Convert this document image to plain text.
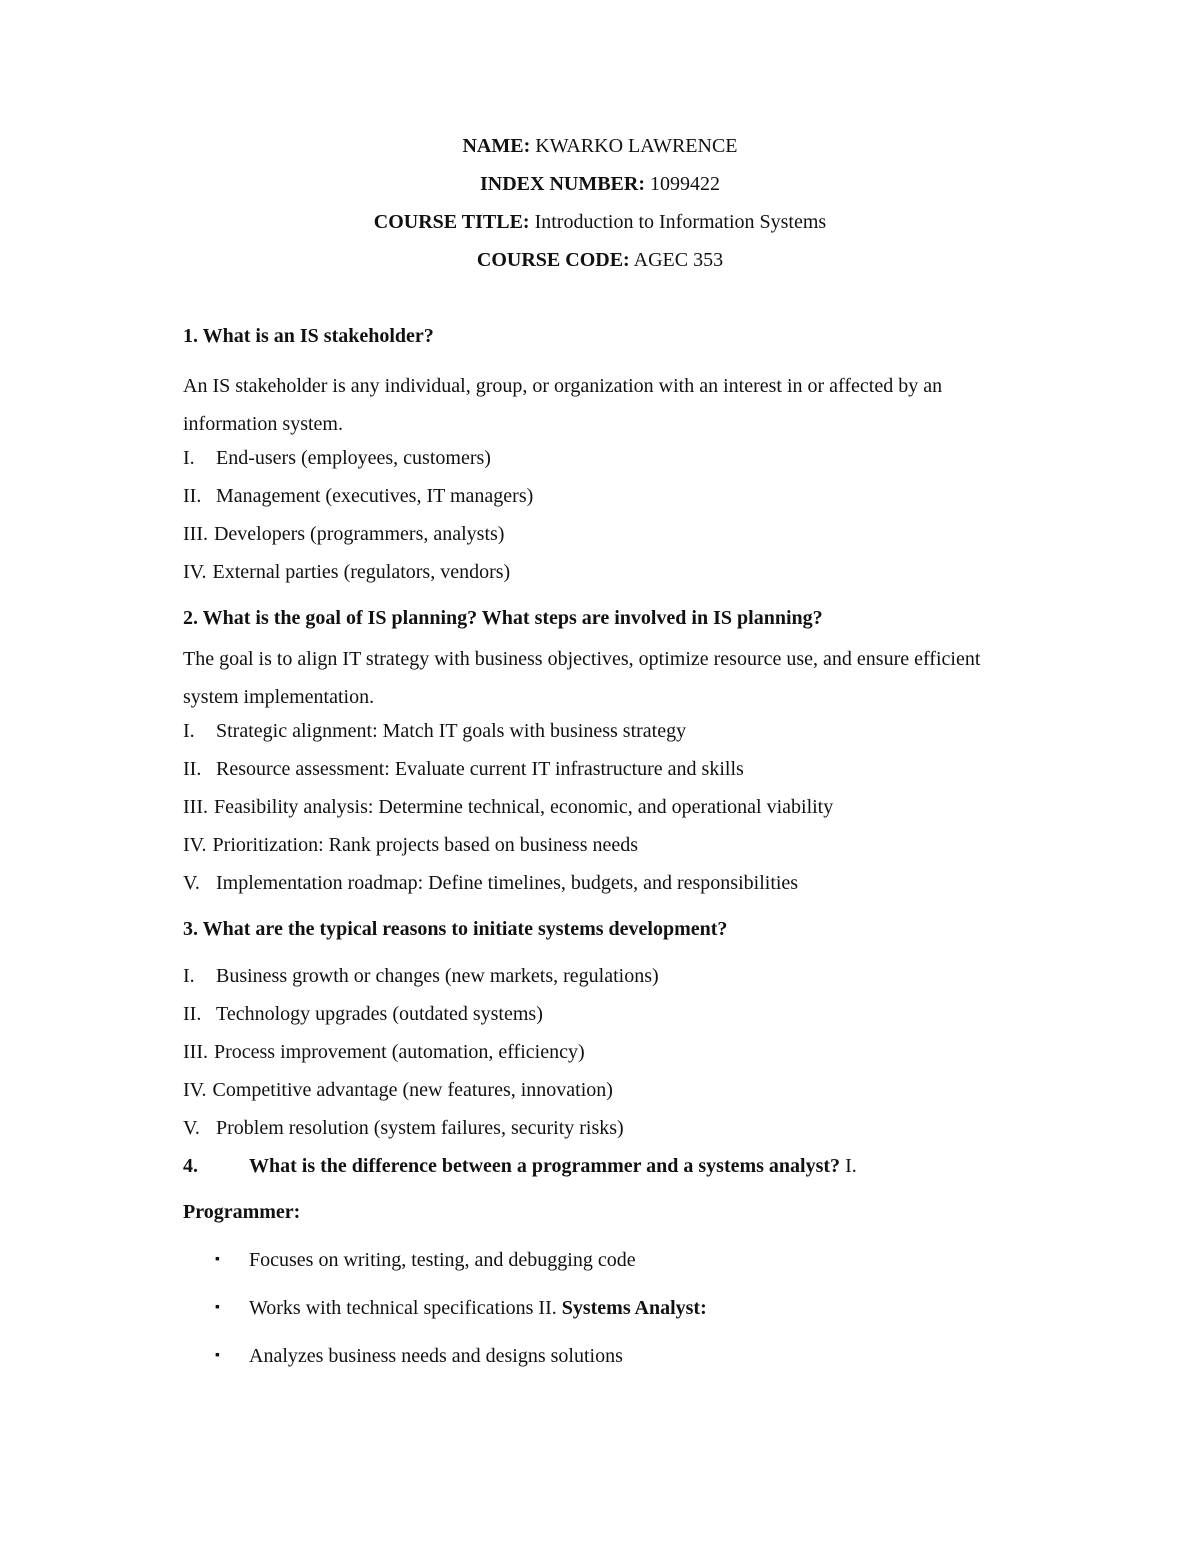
NAME: KWARKO LAWRENCE
INDEX NUMBER: 1099422
COURSE TITLE: Introduction to Information Systems
COURSE CODE: AGEC 353

1. What is an IS stakeholder?

An IS stakeholder is any individual, group, or organization with an interest in or affected by an information system.

I.	End-users (employees, customers)
II. Management (executives, IT managers)
III. Developers (programmers, analysts)
IV. External parties (regulators, vendors)

2. What is the goal of IS planning? What steps are involved in IS planning?

The goal is to align IT strategy with business objectives, optimize resource use, and ensure efficient system implementation.

I.	Strategic alignment: Match IT goals with business strategy
II. Resource assessment: Evaluate current IT infrastructure and skills
III. Feasibility analysis: Determine technical, economic, and operational viability
IV. Prioritization: Rank projects based on business needs
V. Implementation roadmap: Define timelines, budgets, and responsibilities

3. What are the typical reasons to initiate systems development?

I.	Business growth or changes (new markets, regulations)
II. Technology upgrades (outdated systems)
III. Process improvement (automation, efficiency)
IV. Competitive advantage (new features, innovation)
V. Problem resolution (system failures, security risks)
4.	What is the difference between a programmer and a systems analyst? I.
Programmer:
▪	Focuses on writing, testing, and debugging code
▪	Works with technical specifications II. Systems Analyst:
▪	Analyzes business needs and designs solutions
